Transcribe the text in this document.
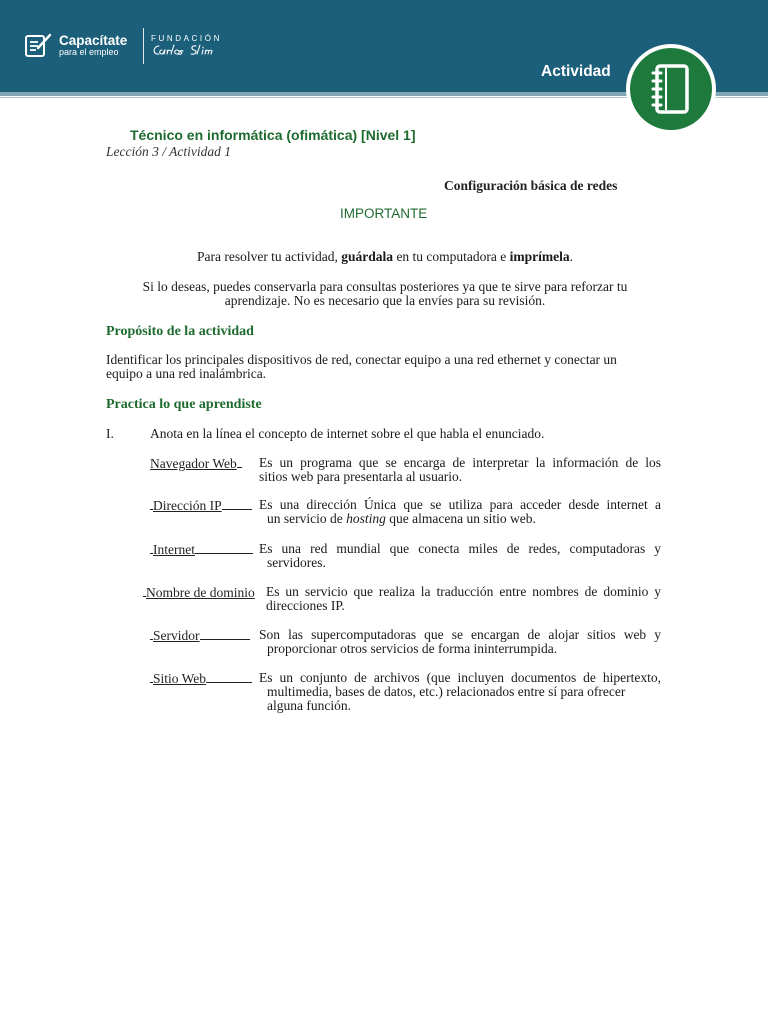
Capacítate
para el empleo
FUNDACIÓN
Actividad
Técnico en informática (ofimática) [Nivel 1]
Lección 3 / Actividad 1
Configuración básica de redes
IMPORTANTE
Para resolver tu actividad, guárdala en tu computadora e imprímela.
Si lo deseas, puedes conservarla para consultas posteriores ya que te sirve para reforzar tu
aprendizaje. No es necesario que la envíes para su revisión.
Propósito de la actividad
Identificar los principales dispositivos de red, conectar equipo a una red ethernet y conectar un
equipo a una red inalámbrica.
Practica lo que aprendiste
I.	Anota en la línea el concepto de internet sobre el que habla el enunciado.
Navegador Web	Es un programa que se encarga de interpretar la información de los
sitios web para presentarla al usuario.
Dirección IP	Es una dirección Única que se utiliza para acceder desde internet a
un servicio de hosting que almacena un sitio web.
Internet	Es una red mundial que conecta miles de redes, computadoras y
servidores.
Nombre de dominio Es un servicio que realiza la traducción entre nombres de dominio y
direcciones IP.
Servidor	Son las supercomputadoras que se encargan de alojar sitios web y
proporcionar otros servicios de forma ininterrumpida.
Sitio Web	Es un conjunto de archivos (que incluyen documentos de hipertexto,
multimedia, bases de datos, etc.) relacionados entre sí para ofrecer
alguna función.
